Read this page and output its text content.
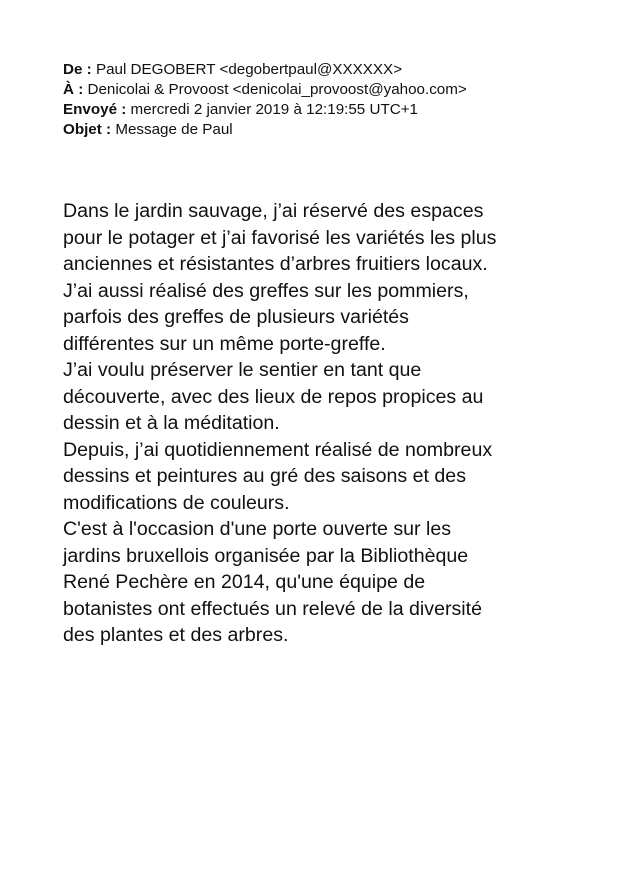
De : Paul DEGOBERT <degobertpaul@XXXXXX>
À : Denicolai & Provoost <denicolai_provoost@yahoo.com>
Envoyé : mercredi 2 janvier 2019 à 12:19:55 UTC+1
Objet : Message de Paul
Dans le jardin sauvage, j’ai réservé des espaces
pour le potager et j’ai favorisé les variétés les plus
anciennes et résistantes d’arbres fruitiers locaux.
J’ai aussi réalisé des greffes sur les pommiers,
parfois des greffes de plusieurs variétés
différentes sur un même porte-greffe.
J’ai voulu préserver le sentier en tant que
découverte, avec des lieux de repos propices au
dessin et à la méditation.
Depuis, j’ai quotidiennement réalisé de nombreux
dessins et peintures au gré des saisons et des
modifications de couleurs.
C'est à l'occasion d'une porte ouverte sur les
jardins bruxellois organisée par la Bibliothèque
René Pechère en 2014, qu'une équipe de
botanistes ont effectués un relevé de la diversité
des plantes et des arbres.
